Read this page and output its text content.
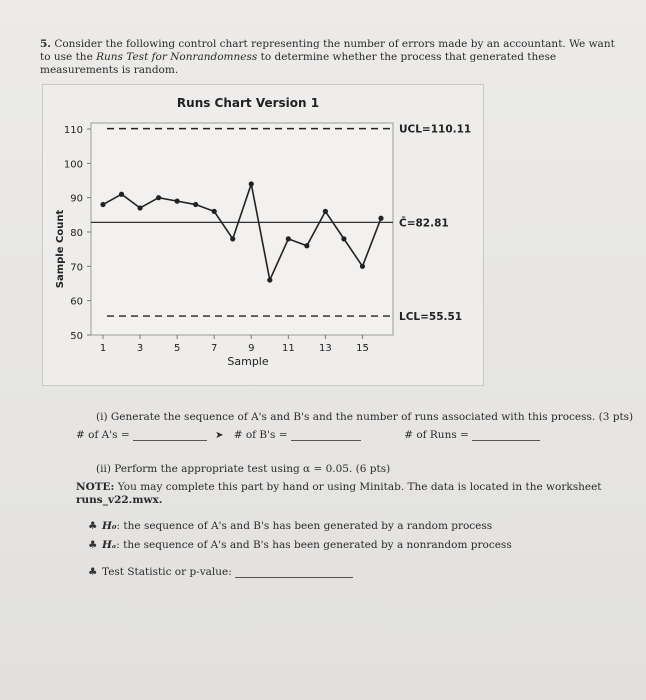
5. Consider the following control chart representing the number of errors made by an accountant. We want to use the Runs Test for Nonrandomness to determine whether the process that generated these measurements is random.
Runs Chart Version 1
110
100
90
80
70
60
50
1	3	5	7	9	11 13 15
Sample
Sample Count
UCL=110.11
C̄=82.81
LCL=55.51
(i) Generate the sequence of A's and B's and the number of runs associated with this process. (3 pts)
# of A's =	➤ # of B's =	# of Runs =
(ii) Perform the appropriate test using α = 0.05. (6 pts)
NOTE: You may complete this part by hand or using Minitab. The data is located in the worksheet
runs_v22.mwx.
♣ H₀: the sequence of A's and B's has been generated by a random process
♣ Hₐ: the sequence of A's and B's has been generated by a nonrandom process
♣ Test Statistic or p-value:
